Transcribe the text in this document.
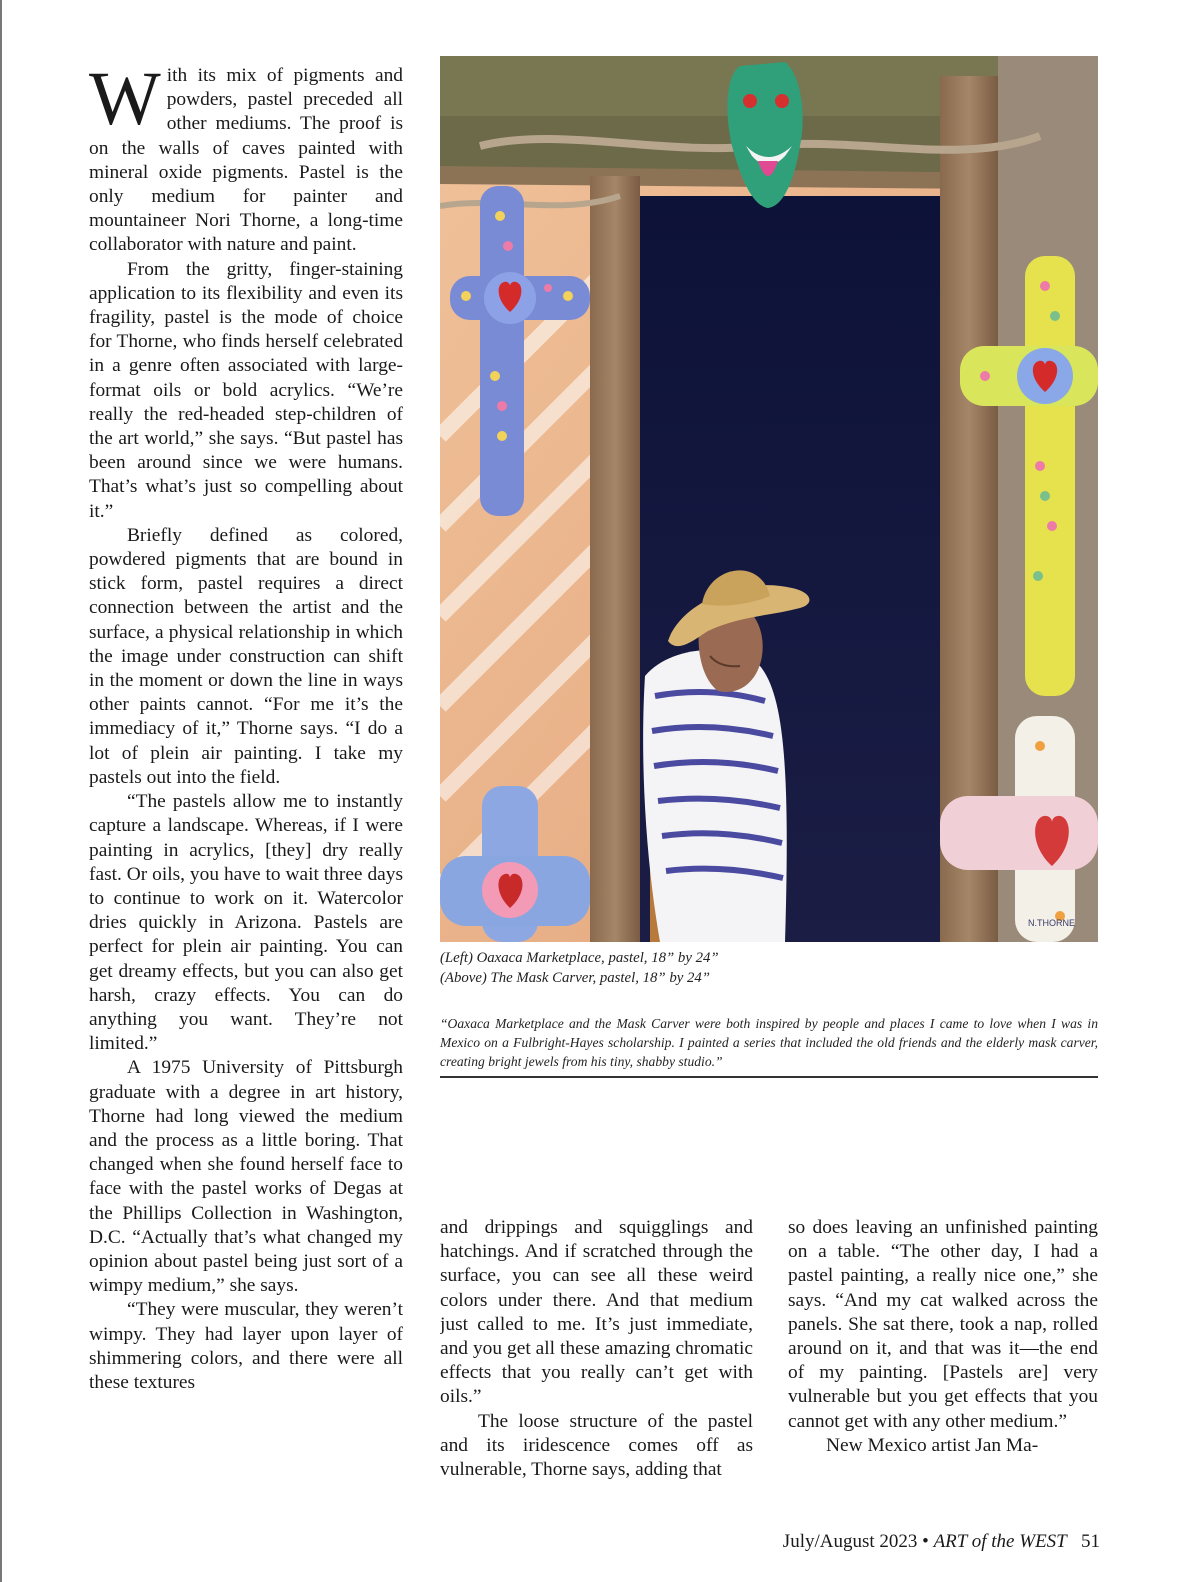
With its mix of pigments and powders, pastel preceded all other mediums. The proof is on the walls of caves painted with mineral oxide pigments. Pastel is the only medium for painter and mountaineer Nori Thorne, a long-time collaborator with nature and paint.

From the gritty, finger-staining application to its flexibility and even its fragility, pastel is the mode of choice for Thorne, who finds herself celebrated in a genre often associated with large-format oils or bold acrylics. “We’re really the red-headed step-children of the art world,” she says. “But pastel has been around since we were humans. That’s what’s just so compelling about it.”

Briefly defined as colored, powdered pigments that are bound in stick form, pastel requires a direct connection between the artist and the surface, a physical relationship in which the image under construction can shift in the moment or down the line in ways other paints cannot. “For me it’s the immediacy of it,” Thorne says. “I do a lot of plein air painting. I take my pastels out into the field.

“The pastels allow me to instantly capture a landscape. Whereas, if I were painting in acrylics, [they] dry really fast. Or oils, you have to wait three days to continue to work on it. Watercolor dries quickly in Arizona. Pastels are perfect for plein air painting. You can get dreamy effects, but you can also get harsh, crazy effects. You can do anything you want. They’re not limited.”

A 1975 University of Pittsburgh graduate with a degree in art history, Thorne had long viewed the medium and the process as a little boring. That changed when she found herself face to face with the pastel works of Degas at the Phillips Collection in Washington, D.C. “Actually that’s what changed my opinion about pastel being just sort of a wimpy medium,” she says.

“They were muscular, they weren’t wimpy. They had layer upon layer of shimmering colors, and there were all these textures

N.THORNE
(Left) Oaxaca Marketplace, pastel, 18” by 24”
(Above) The Mask Carver, pastel, 18” by 24”
“Oaxaca Marketplace and the Mask Carver were both inspired by people and places I came to love when I was in Mexico on a Fulbright-Hayes scholarship. I painted a series that included the old friends and the elderly mask carver, creating bright jewels from his tiny, shabby studio.”

and drippings and squigglings and hatchings. And if scratched through the surface, you can see all these weird colors under there. And that medium just called to me. It’s just immediate, and you get all these amazing chromatic effects that you really can’t get with oils.”

The loose structure of the pastel and its iridescence comes off as vulnerable, Thorne says, adding that

so does leaving an unfinished painting on a table. “The other day, I had a pastel painting, a really nice one,” she says. “And my cat walked across the panels. She sat there, took a nap, rolled around on it, and that was it—the end of my painting. [Pastels are] very vulnerable but you get effects that you cannot get with any other medium.”

New Mexico artist Jan Ma-

July/August 2023 • ART of the WEST 51
